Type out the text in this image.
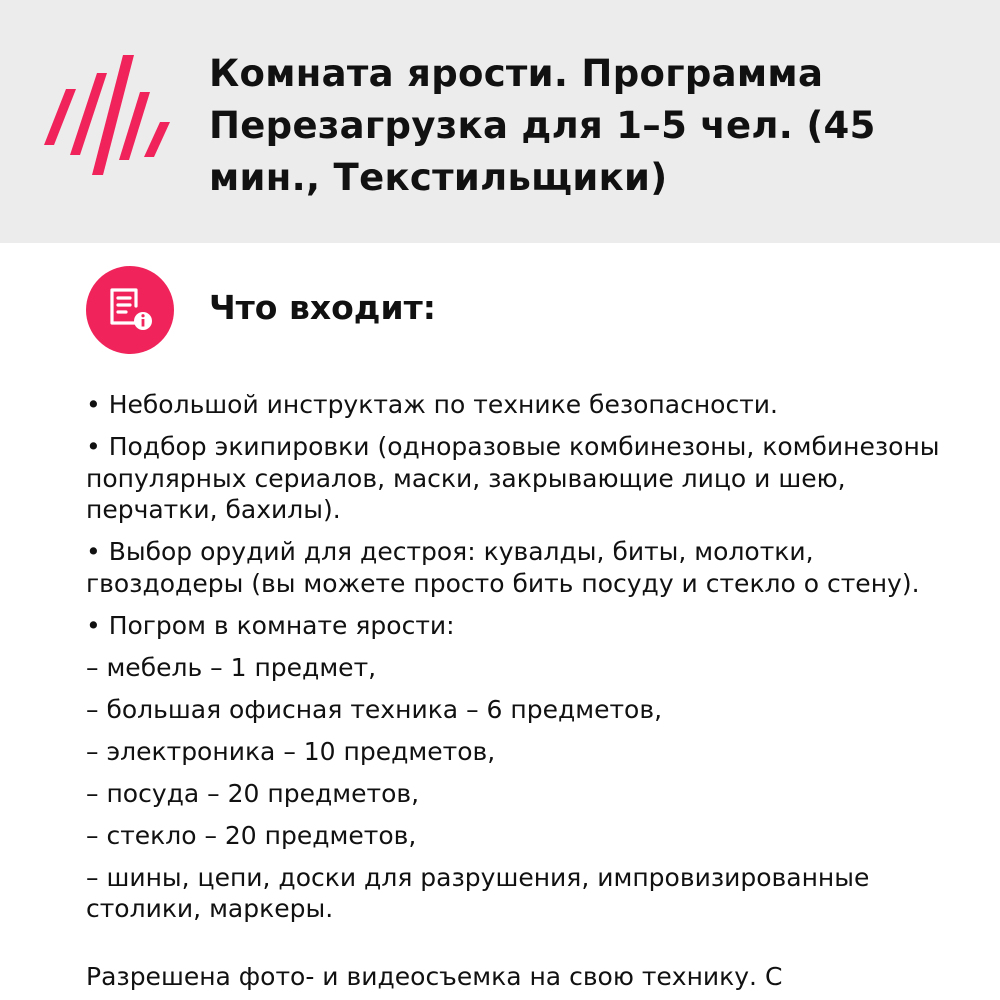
Комната ярости. Программа Перезагрузка для 1–5 чел. (45 мин., Текстильщики)
Что входит:
• Небольшой инструктаж по технике безопасности.
• Подбор экипировки (одноразовые комбинезоны, комбинезоны популярных сериалов, маски, закрывающие лицо и шею, перчатки, бахилы).
• Выбор орудий для дестроя: кувалды, биты, молотки, гвоздодеры (вы можете просто бить посуду и стекло о стену).
• Погром в комнате ярости:
– мебель – 1 предмет,
– большая офисная техника – 6 предметов,
– электроника – 10 предметов,
– посуда – 20 предметов,
– стекло – 20 предметов,
– шины, цепи, доски для разрушения, импровизированные столики, маркеры.
Разрешена фото- и видеосъемка на свою технику. С
